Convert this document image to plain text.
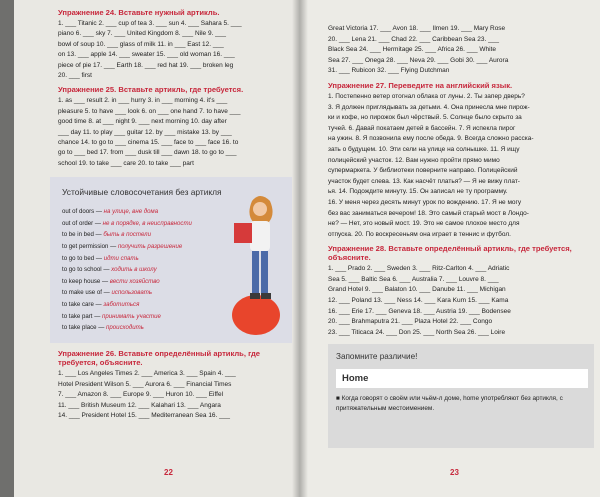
Упражнение 24. Вставьте нужный артикль.
1. ___ Titanic 2. ___ cup of tea 3. ___ sun 4. ___ Sahara 5. ___
piano 6. ___ sky 7. ___ United Kingdom 8. ___ Nile 9. ___
bowl of soup 10. ___ glass of milk 11. in ___ East 12. ___
on 13. ___ apple 14. ___ sweater 15. ___ old woman 16. ___
piece of pie 17. ___ Earth 18. ___ red hat 19. ___ broken leg
20. ___ first
Упражнение 25. Вставьте артикль, где требуется.
1. as ___ result 2. in ___ hurry 3. in ___ morning 4. it's ___
pleasure 5. to have ___ look 6. on ___ one hand 7. to have ___
good time 8. at ___ night 9. ___ next morning 10. day after
___ day 11. to play ___ guitar 12. by ___ mistake 13. by ___
chance 14. to go to ___ cinema 15. ___ face to ___ face 16. to
go to ___ bed 17. from ___ dusk till ___ dawn 18. to go to ___
school 19. to take ___ care 20. to take ___ part
Устойчивые словосочетания без артикля
out of doors — на улице, вне дома
out of order — не в порядке, в неисправности
to be in bed — быть в постели
to get permission — получить разрешение
to go to bed — идти спать
to go to school — ходить в школу
to keep house — вести хозяйство
to make use of — использовать
to take care — заботиться
to take part — принимать участие
to take place — происходить
Упражнение 26. Вставьте определённый артикль, где требуется, объясните.
1. ___ Los Angeles Times 2. ___ America 3. ___ Spain 4. ___
Hotel President Wilson 5. ___ Aurora 6. ___ Financial Times
7. ___ Amazon 8. ___ Europe 9. ___ Huron 10. ___ Eiffel
11. ___ British Museum 12. ___ Kalahari 13. ___ Angara
14. ___ President Hotel 15. ___ Mediterranean Sea 16. ___
22
Great Victoria 17. ___ Avon 18. ___ Ilmen 19. ___ Mary Rose
20. ___ Lena 21. ___ Chad 22. ___ Caribbean Sea 23. ___
Black Sea 24. ___ Hermitage 25. ___ Africa 26. ___ White
Sea 27. ___ Onega 28. ___ Neva 29. ___ Gobi 30. ___ Aurora
31. ___ Rubicon 32. ___ Flying Dutchman
Упражнение 27. Переведите на английский язык.
1. Постепенно ветер отогнал облака от луны. 2. Ты запер дверь?
3. Я должен приглядывать за детьми. 4. Она принесла мне пирож-
ки и кофе, но пирожок был чёрствый. 5. Солнце было скрыто за
тучей. 6. Давай покатаем детей в бассейн. 7. Я испекла пирог
на ужин. 8. Я позвонила ему после обеда. 9. Всегда сложно расска-
зать о будущем. 10. Эти сели на улице на солнышке. 11. Я ищу
полицейский участок. 12. Вам нужно пройти прямо мимо
супермаркета. У библиотеки поверните направо. Полицейский
участок будет слева. 13. Как насчёт платья? — Я не вижу плат-
ья. 14. Подождите минуту. 15. Он записал не ту программу.
16. У меня через десять минут урок по вождению. 17. Я не могу
без вас заниматься вечером! 18. Это самый старый мост в Лондо-
не? — Нет, это новый мост. 19. Это не самое плохое место для
отпуска. 20. По воскресеньям она играет в теннис и футбол.
Упражнение 28. Вставьте определённый артикль, где требуется, объясните.
1. ___ Prado 2. ___ Sweden 3. ___ Ritz-Carlton 4. ___ Adriatic
Sea 5. ___ Baltic Sea 6. ___ Australia 7. ___ Louvre 8. ___
Grand Hotel 9. ___ Balaton 10. ___ Danube 11. ___ Michigan
12. ___ Poland 13. ___ Ness 14. ___ Kara Kum 15. ___ Kama
16. ___ Erie 17. ___ Geneva 18. ___ Austria 19. ___ Bodensee
20. ___ Brahmaputra 21. ___ Plaza Hotel 22. ___ Congo
23. ___ Titicaca 24. ___ Don 25. ___ North Sea 26. ___ Loire
Запомните различие!
Home
■ Когда говорят о своём или чьём-л доме, home употребляют без артикля, с притяжательным местоимением.
23
